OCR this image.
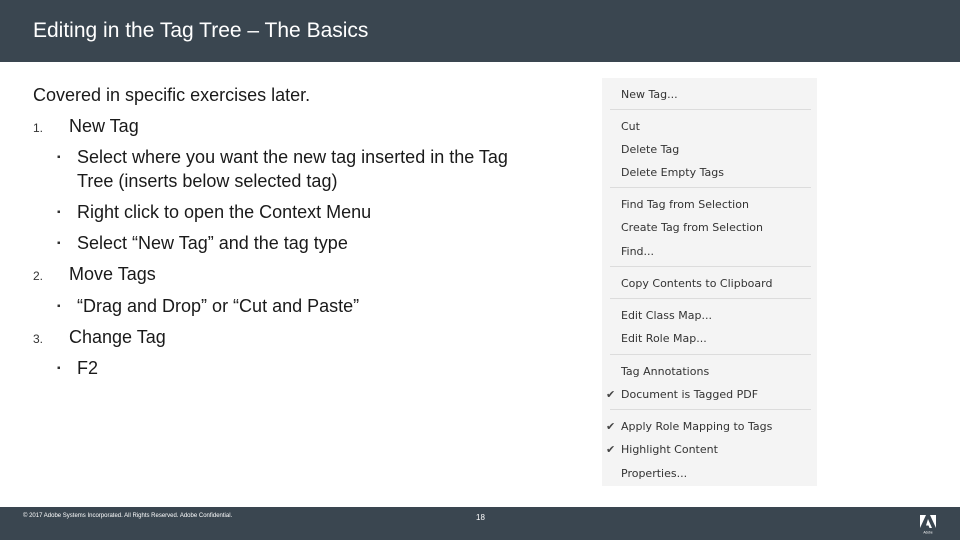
Editing in the Tag Tree – The Basics
Covered in specific exercises later.
1. New Tag
▪ Select where you want the new tag inserted in the Tag Tree (inserts below selected tag)
▪ Right click to open the Context Menu
▪ Select “New Tag” and the tag type
2. Move Tags
▪ “Drag and Drop” or “Cut and Paste”
3. Change Tag
▪ F2
New Tag...
Cut
Delete Tag
Delete Empty Tags
Find Tag from Selection
Create Tag from Selection
Find...
Copy Contents to Clipboard
Edit Class Map...
Edit Role Map...
Tag Annotations
✔ Document is Tagged PDF
✔ Apply Role Mapping to Tags
✔ Highlight Content
Properties...
© 2017 Adobe Systems Incorporated. All Rights Reserved. Adobe Confidential.	18
Adobe
